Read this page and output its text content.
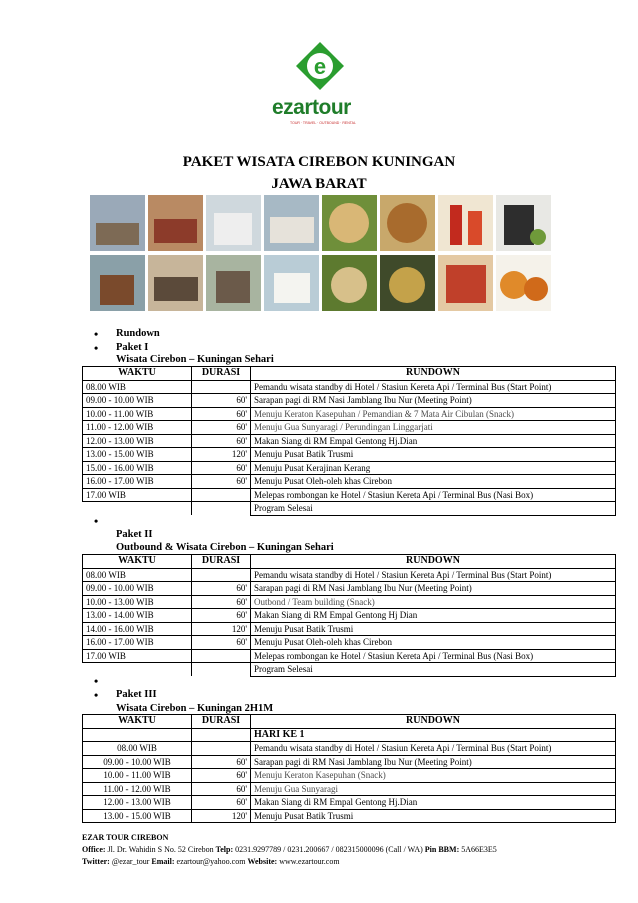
e
ezartour
TOUR · TRAVEL · OUTBOUND · RENTAL
PAKET WISATA CIREBON KUNINGAN
JAWA BARAT
• Rundown
• Paket I
Wisata Cirebon – Kuningan Sehari
WAKTU	DURASI	RUNDOWN
08.00 WIB		Pemandu wisata standby di Hotel / Stasiun Kereta Api / Terminal Bus (Start Point)
09.00 - 10.00 WIB	60'	Sarapan pagi di RM Nasi Jamblang Ibu Nur (Meeting Point)
10.00 - 11.00 WIB	60'	Menuju Keraton Kasepuhan / Pemandian & 7 Mata Air Cibulan (Snack)
11.00 - 12.00 WIB	60'	Menuju Gua Sunyaragi / Perundingan Linggarjati
12.00 - 13.00 WIB	60'	Makan Siang di RM Empal Gentong Hj.Dian
13.00 - 15.00 WIB	120'	Menuju Pusat Batik Trusmi
15.00 - 16.00 WIB	60'	Menuju Pusat Kerajinan Kerang
16.00 - 17.00 WIB	60'	Menuju Pusat Oleh-oleh khas Cirebon
17.00 WIB		Melepas rombongan ke Hotel / Stasiun Kereta Api / Terminal Bus (Nasi Box)
		Program Selesai
•
Paket II
Outbound & Wisata Cirebon – Kuningan Sehari
WAKTU	DURASI	RUNDOWN
08.00 WIB		Pemandu wisata standby di Hotel / Stasiun Kereta Api / Terminal Bus (Start Point)
09.00 - 10.00 WIB	60'	Sarapan pagi di RM Nasi Jamblang Ibu Nur (Meeting Point)
10.00 - 13.00 WIB	60'	Outbond / Team building (Snack)
13.00 - 14.00 WIB	60'	Makan Siang di RM Empal Gentong Hj Dian
14.00 - 16.00 WIB	120'	Menuju Pusat Batik Trusmi
16.00 - 17.00 WIB	60'	Menuju Pusat Oleh-oleh khas Cirebon
17.00 WIB		Melepas rombongan ke Hotel / Stasiun Kereta Api / Terminal Bus (Nasi Box)
		Program Selesai
•
• Paket III
Wisata Cirebon – Kuningan 2H1M
WAKTU	DURASI	RUNDOWN
		HARI KE 1
08.00 WIB		Pemandu wisata standby di Hotel / Stasiun Kereta Api / Terminal Bus (Start Point)
09.00 - 10.00 WIB	60'	Sarapan pagi di RM Nasi Jamblang Ibu Nur (Meeting Point)
10.00 - 11.00 WIB	60'	Menuju Keraton Kasepuhan (Snack)
11.00 - 12.00 WIB	60'	Menuju Gua Sunyaragi
12.00 - 13.00 WIB	60'	Makan Siang di RM Empal Gentong Hj.Dian
13.00 - 15.00 WIB	120'	Menuju Pusat Batik Trusmi
EZAR TOUR CIREBON
Office: Jl. Dr. Wahidin S No. 52 Cirebon Telp: 0231.9297789 / 0231.200667 / 082315000096 (Call / WA) Pin BBM: 5A66E3E5
Twitter: @ezar_tour Email: ezartour@yahoo.com Website: www.ezartour.com
